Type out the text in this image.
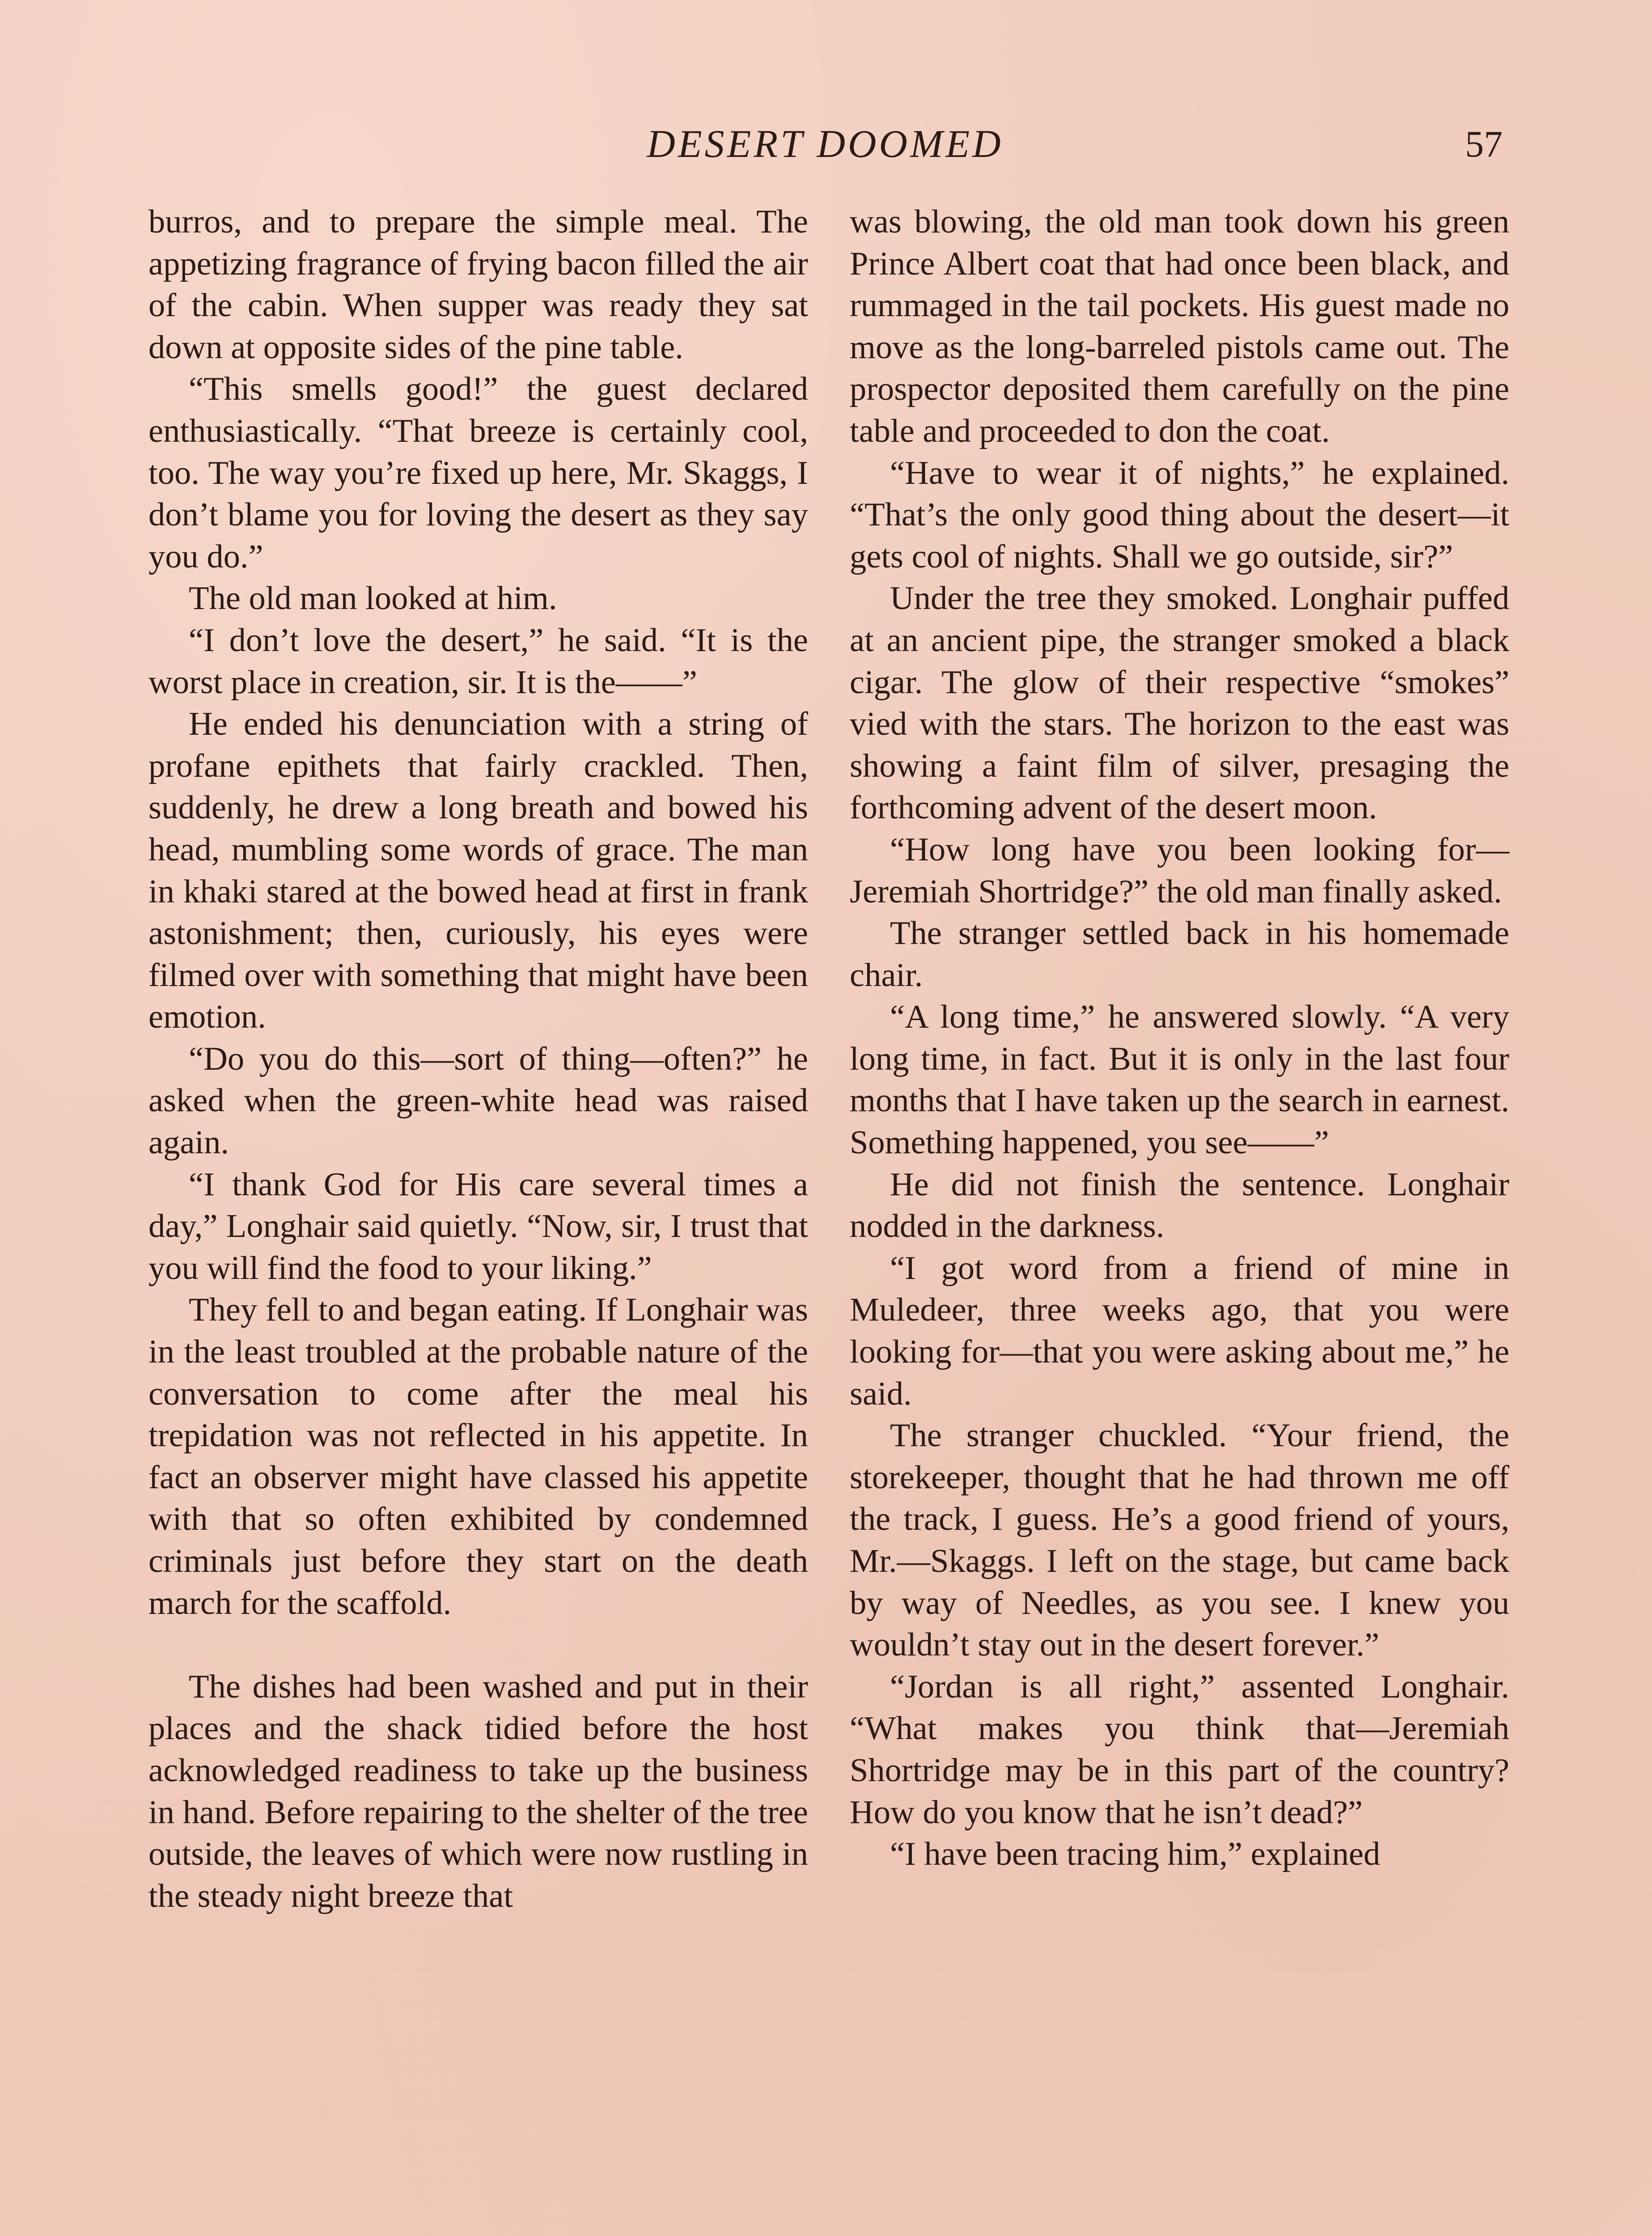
DESERT DOOMED	57

burros, and to prepare the simple meal. The appetizing fragrance of frying bacon filled the air of the cabin. When supper was ready they sat down at opposite sides of the pine table.

“This smells good!” the guest declared enthusiastically. “That breeze is certainly cool, too. The way you’re fixed up here, Mr. Skaggs, I don’t blame you for loving the desert as they say you do.”

The old man looked at him.

“I don’t love the desert,” he said. “It is the worst place in creation, sir. It is the——”

He ended his denunciation with a string of profane epithets that fairly crackled. Then, suddenly, he drew a long breath and bowed his head, mumbling some words of grace. The man in khaki stared at the bowed head at first in frank astonishment; then, curiously, his eyes were filmed over with something that might have been emotion.

“Do you do this—sort of thing—often?” he asked when the green-white head was raised again.

“I thank God for His care several times a day,” Longhair said quietly. “Now, sir, I trust that you will find the food to your liking.”

They fell to and began eating. If Longhair was in the least troubled at the probable nature of the conversation to come after the meal his trepidation was not reflected in his appetite. In fact an observer might have classed his appetite with that so often exhibited by condemned criminals just before they start on the death march for the scaffold.

The dishes had been washed and put in their places and the shack tidied before the host acknowledged readiness to take up the business in hand. Before repairing to the shelter of the tree outside, the leaves of which were now rustling in the steady night breeze that

was blowing, the old man took down his green Prince Albert coat that had once been black, and rummaged in the tail pockets. His guest made no move as the long-barreled pistols came out. The prospector deposited them carefully on the pine table and proceeded to don the coat.

“Have to wear it of nights,” he explained. “That’s the only good thing about the desert—it gets cool of nights. Shall we go outside, sir?”

Under the tree they smoked. Longhair puffed at an ancient pipe, the stranger smoked a black cigar. The glow of their respective “smokes” vied with the stars. The horizon to the east was showing a faint film of silver, presaging the forthcoming advent of the desert moon.

“How long have you been looking for—Jeremiah Shortridge?” the old man finally asked.

The stranger settled back in his homemade chair.

“A long time,” he answered slowly. “A very long time, in fact. But it is only in the last four months that I have taken up the search in earnest. Something happened, you see——”

He did not finish the sentence. Longhair nodded in the darkness.

“I got word from a friend of mine in Muledeer, three weeks ago, that you were looking for—that you were asking about me,” he said.

The stranger chuckled. “Your friend, the storekeeper, thought that he had thrown me off the track, I guess. He’s a good friend of yours, Mr.—Skaggs. I left on the stage, but came back by way of Needles, as you see. I knew you wouldn’t stay out in the desert forever.”

“Jordan is all right,” assented Longhair. “What makes you think that—Jeremiah Shortridge may be in this part of the country? How do you know that he isn’t dead?”

“I have been tracing him,” explained
